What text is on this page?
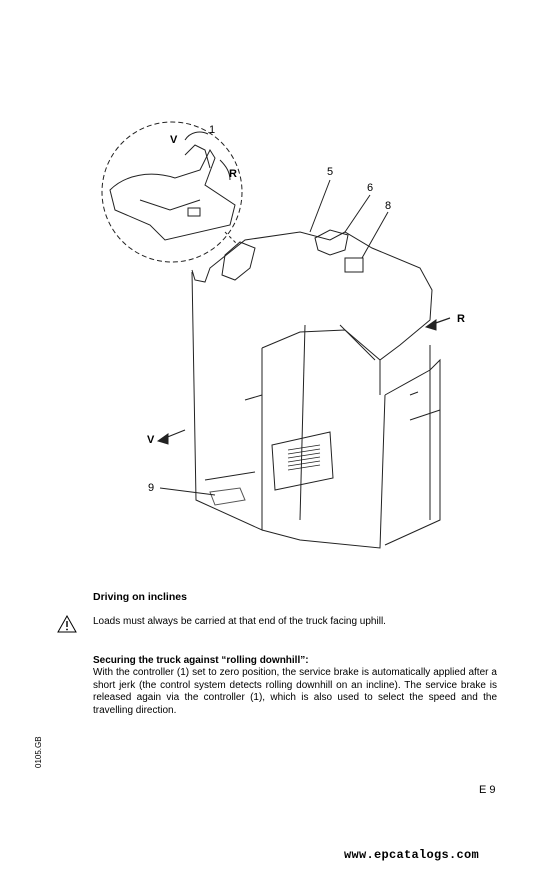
1
V
R	5
6
8
R
V
9
Driving on inclines
Loads must always be carried at that end of the truck facing uphill.
Securing the truck against “rolling downhill”:
With the controller (1) set to zero position, the service brake is automatically applied after a short jerk (the control system detects rolling downhill on an incline). The service brake is released again via the controller (1), which is also used to select the speed and the travelling direction.
0105.GB
E 9
www.epcatalogs.com
